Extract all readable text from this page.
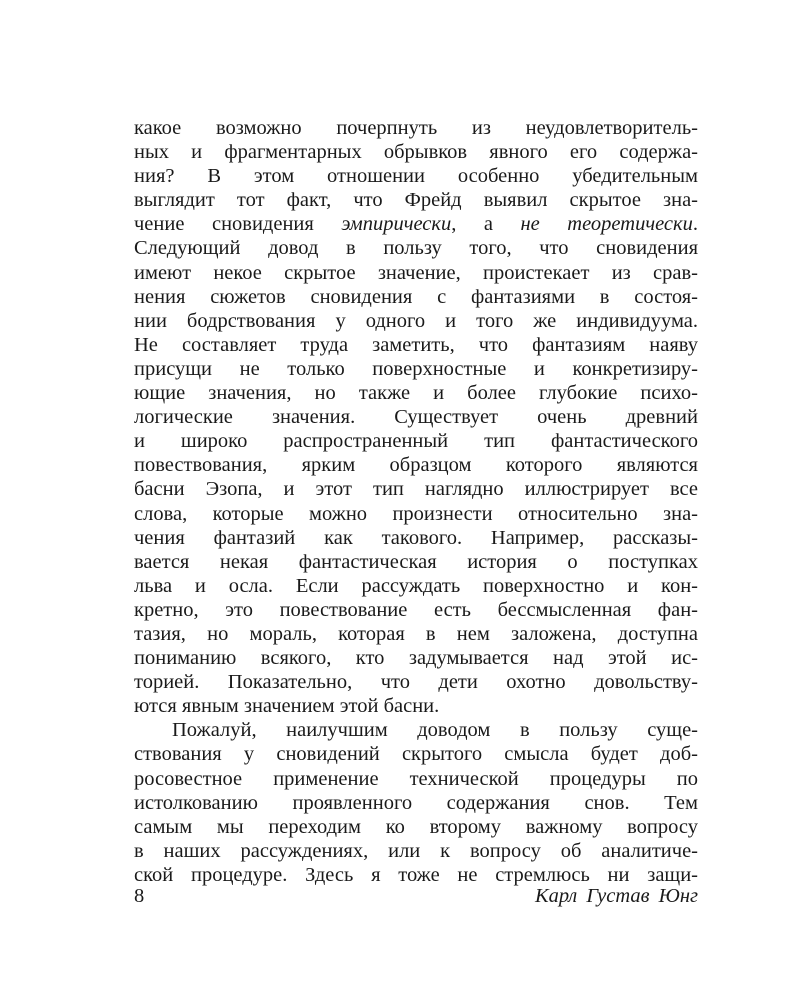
какое возможно почерпнуть из неудовлетворитель-
ных и фрагментарных обрывков явного его содержа-
ния? В этом отношении особенно убедительным
выглядит тот факт, что Фрейд выявил скрытое зна-
чение сновидения эмпирически, а не теоретически.
Следующий довод в пользу того, что сновидения
имеют некое скрытое значение, проистекает из срав-
нения сюжетов сновидения с фантазиями в состоя-
нии бодрствования у одного и того же индивидуума.
Не составляет труда заметить, что фантазиям наяву
присущи не только поверхностные и конкретизиру-
ющие значения, но также и более глубокие психо-
логические значения. Существует очень древний
и широко распространенный тип фантастического
повествования, ярким образцом которого являются
басни Эзопа, и этот тип наглядно иллюстрирует все
слова, которые можно произнести относительно зна-
чения фантазий как такового. Например, рассказы-
вается некая фантастическая история о поступках
льва и осла. Если рассуждать поверхностно и кон-
кретно, это повествование есть бессмысленная фан-
тазия, но мораль, которая в нем заложена, доступна
пониманию всякого, кто задумывается над этой ис-
торией. Показательно, что дети охотно довольству-
ются явным значением этой басни.
Пожалуй, наилучшим доводом в пользу суще-
ствования у сновидений скрытого смысла будет доб-
росовестное применение технической процедуры по
истолкованию проявленного содержания снов. Тем
самым мы переходим ко второму важному вопросу
в наших рассуждениях, или к вопросу об аналитиче-
ской процедуре. Здесь я тоже не стремлюсь ни защи-
8	Карл Густав Юнг
